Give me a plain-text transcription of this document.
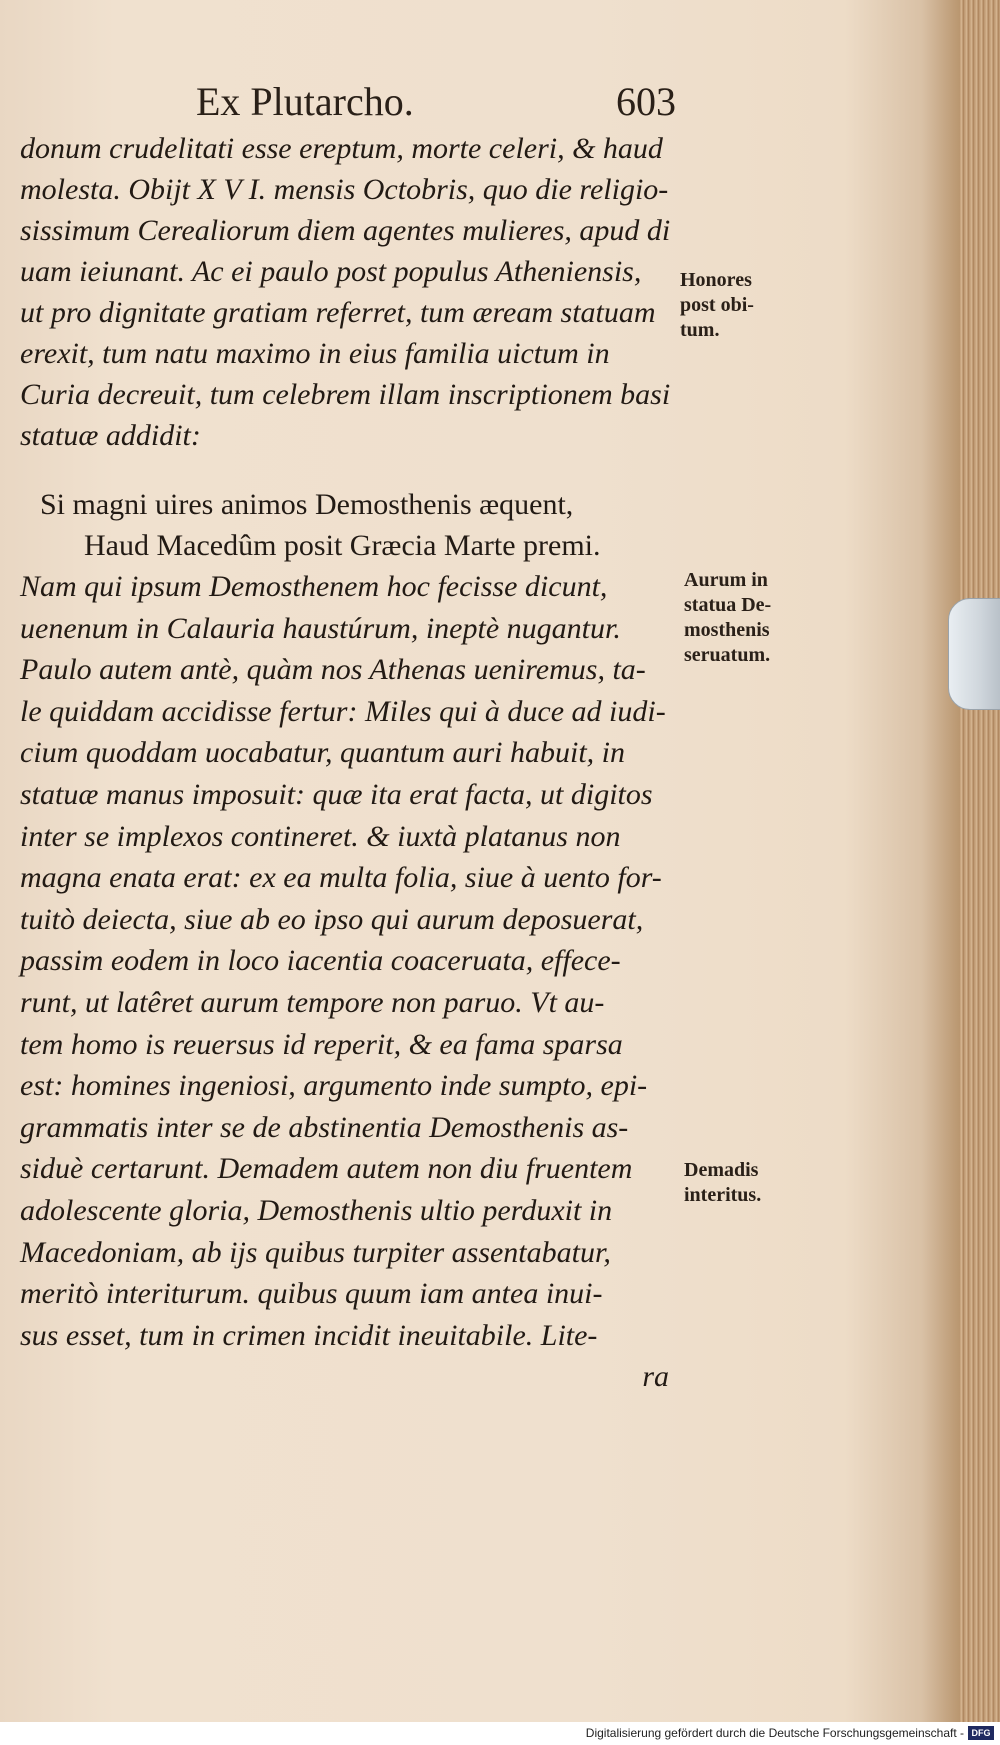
Ex Plutarcho.	603

donum crudelitati esse ereptum, morte celeri, & haud

molesta. Obijt X V I. mensis Octobris, quo die religio-

sissimum Cerealiorum diem agentes mulieres, apud di

uam ieiunant. Ac ei paulo post populus Atheniensis,

ut pro dignitate gratiam referret, tum æream statuam

erexit, tum natu maximo in eius familia uictum in

Curia decreuit, tum celebrem illam inscriptionem basi

statuæ addidit:

Si magni uires animos Demosthenis æquent,

Haud Macedûm posit Græcia Marte premi.

Nam qui ipsum Demosthenem hoc fecisse dicunt,

uenenum in Calauria haustúrum, ineptè nugantur.

Paulo autem antè, quàm nos Athenas ueniremus, ta-

le quiddam accidisse fertur: Miles qui à duce ad iudi-

cium quoddam uocabatur, quantum auri habuit, in

statuæ manus imposuit: quæ ita erat facta, ut digitos

inter se implexos contineret. & iuxtà platanus non

magna enata erat: ex ea multa folia, siue à uento for-

tuitò deiecta, siue ab eo ipso qui aurum deposuerat,

passim eodem in loco iacentia coaceruata, effece-

runt, ut latêret aurum tempore non paruo. Vt au-

tem homo is reuersus id reperit, & ea fama sparsa

est: homines ingeniosi, argumento inde sumpto, epi-

grammatis inter se de abstinentia Demosthenis as-

siduè certarunt. Demadem autem non diu fruentem

adolescente gloria, Demosthenis ultio perduxit in

Macedoniam, ab ijs quibus turpiter assentabatur,

meritò interiturum. quibus quum iam antea inui-

sus esset, tum in crimen incidit ineuitabile. Lite-

ra

Honores

post obi-

tum.

Aurum in

statua De-

mosthenis

seruatum.

Demadis

interitus.

Digitalisierung gefördert durch die Deutsche Forschungsgemeinschaft - DFG
